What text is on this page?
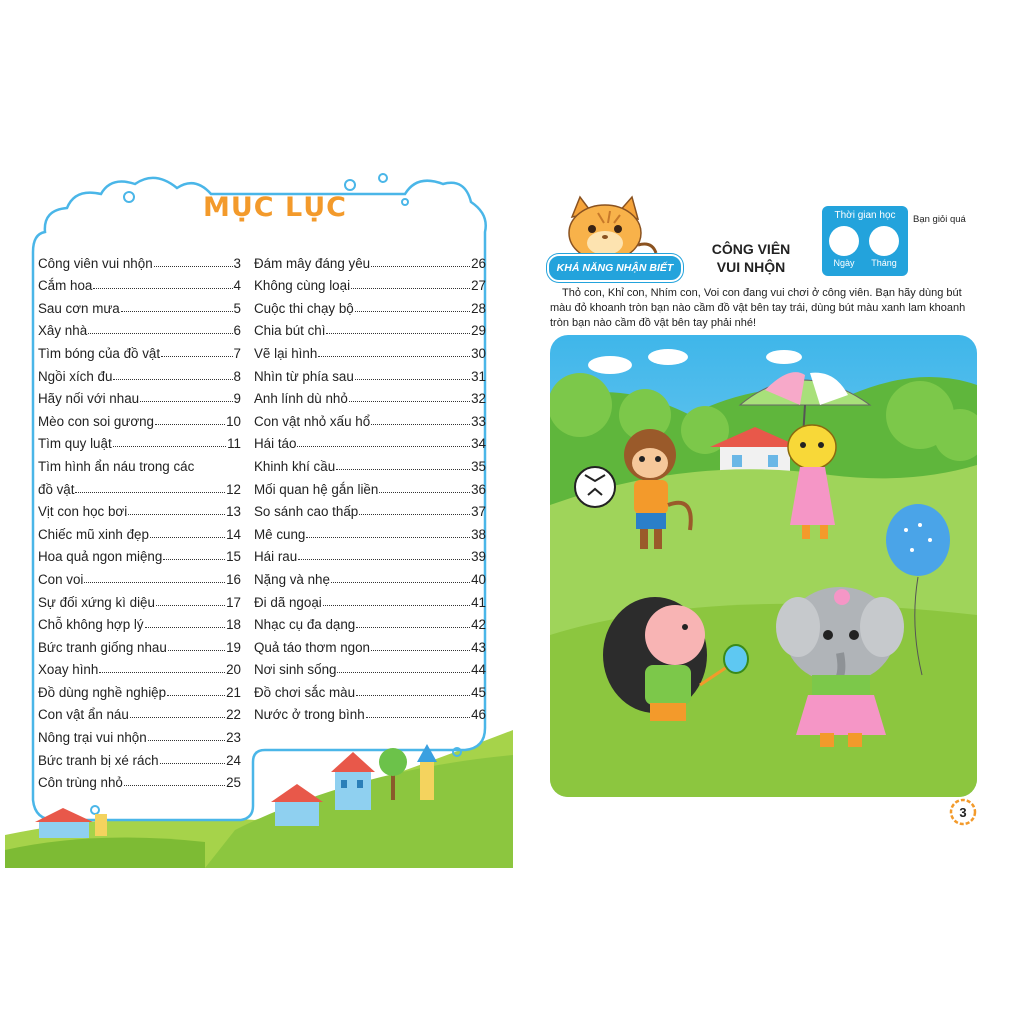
MỤC LỤC
Công viên vui nhộn	3
Cắm hoa	4
Sau cơn mưa	5
Xây nhà	6
Tìm bóng của đồ vật	7
Ngồi xích đu	8
Hãy nối với nhau	9
Mèo con soi gương	10
Tìm quy luật	11
Tìm hình ẩn náu trong các
đồ vật	12
Vịt con học bơi	13
Chiếc mũ xinh đẹp	14
Hoa quả ngon miệng	15
Con voi	16
Sự đối xứng kì diệu	17
Chỗ không hợp lý	18
Bức tranh giống nhau	19
Xoay hình	20
Đồ dùng nghề nghiệp	21
Con vật ẩn náu	22
Nông trại vui nhộn	23
Bức tranh bị xé rách	24
Côn trùng nhỏ	25
Đám mây đáng yêu	26
Không cùng loại	27
Cuộc thi chạy bộ	28
Chia bút chì	29
Vẽ lại hình	30
Nhìn từ phía sau	31
Anh lính dù nhỏ	32
Con vật nhỏ xấu hổ	33
Hái táo	34
Khinh khí cầu	35
Mối quan hệ gắn liền	36
So sánh cao thấp	37
Mê cung	38
Hái rau	39
Nặng và nhẹ	40
Đi dã ngoại	41
Nhạc cụ đa dạng	42
Quả táo thơm ngon	43
Nơi sinh sống	44
Đồ chơi sắc màu	45
Nước ở trong bình	46
KHẢ NĂNG NHẬN BIẾT
CÔNG VIÊN
VUI NHỘN
Thời gian học
Ngày	Tháng
Bạn giỏi quá
Thỏ con, Khỉ con, Nhím con, Voi con đang vui chơi ở công viên. Bạn hãy dùng bút màu đỏ khoanh tròn bạn nào cầm đồ vật bên tay trái, dùng bút màu xanh lam khoanh tròn bạn nào cầm đồ vật bên tay phải nhé!
3
